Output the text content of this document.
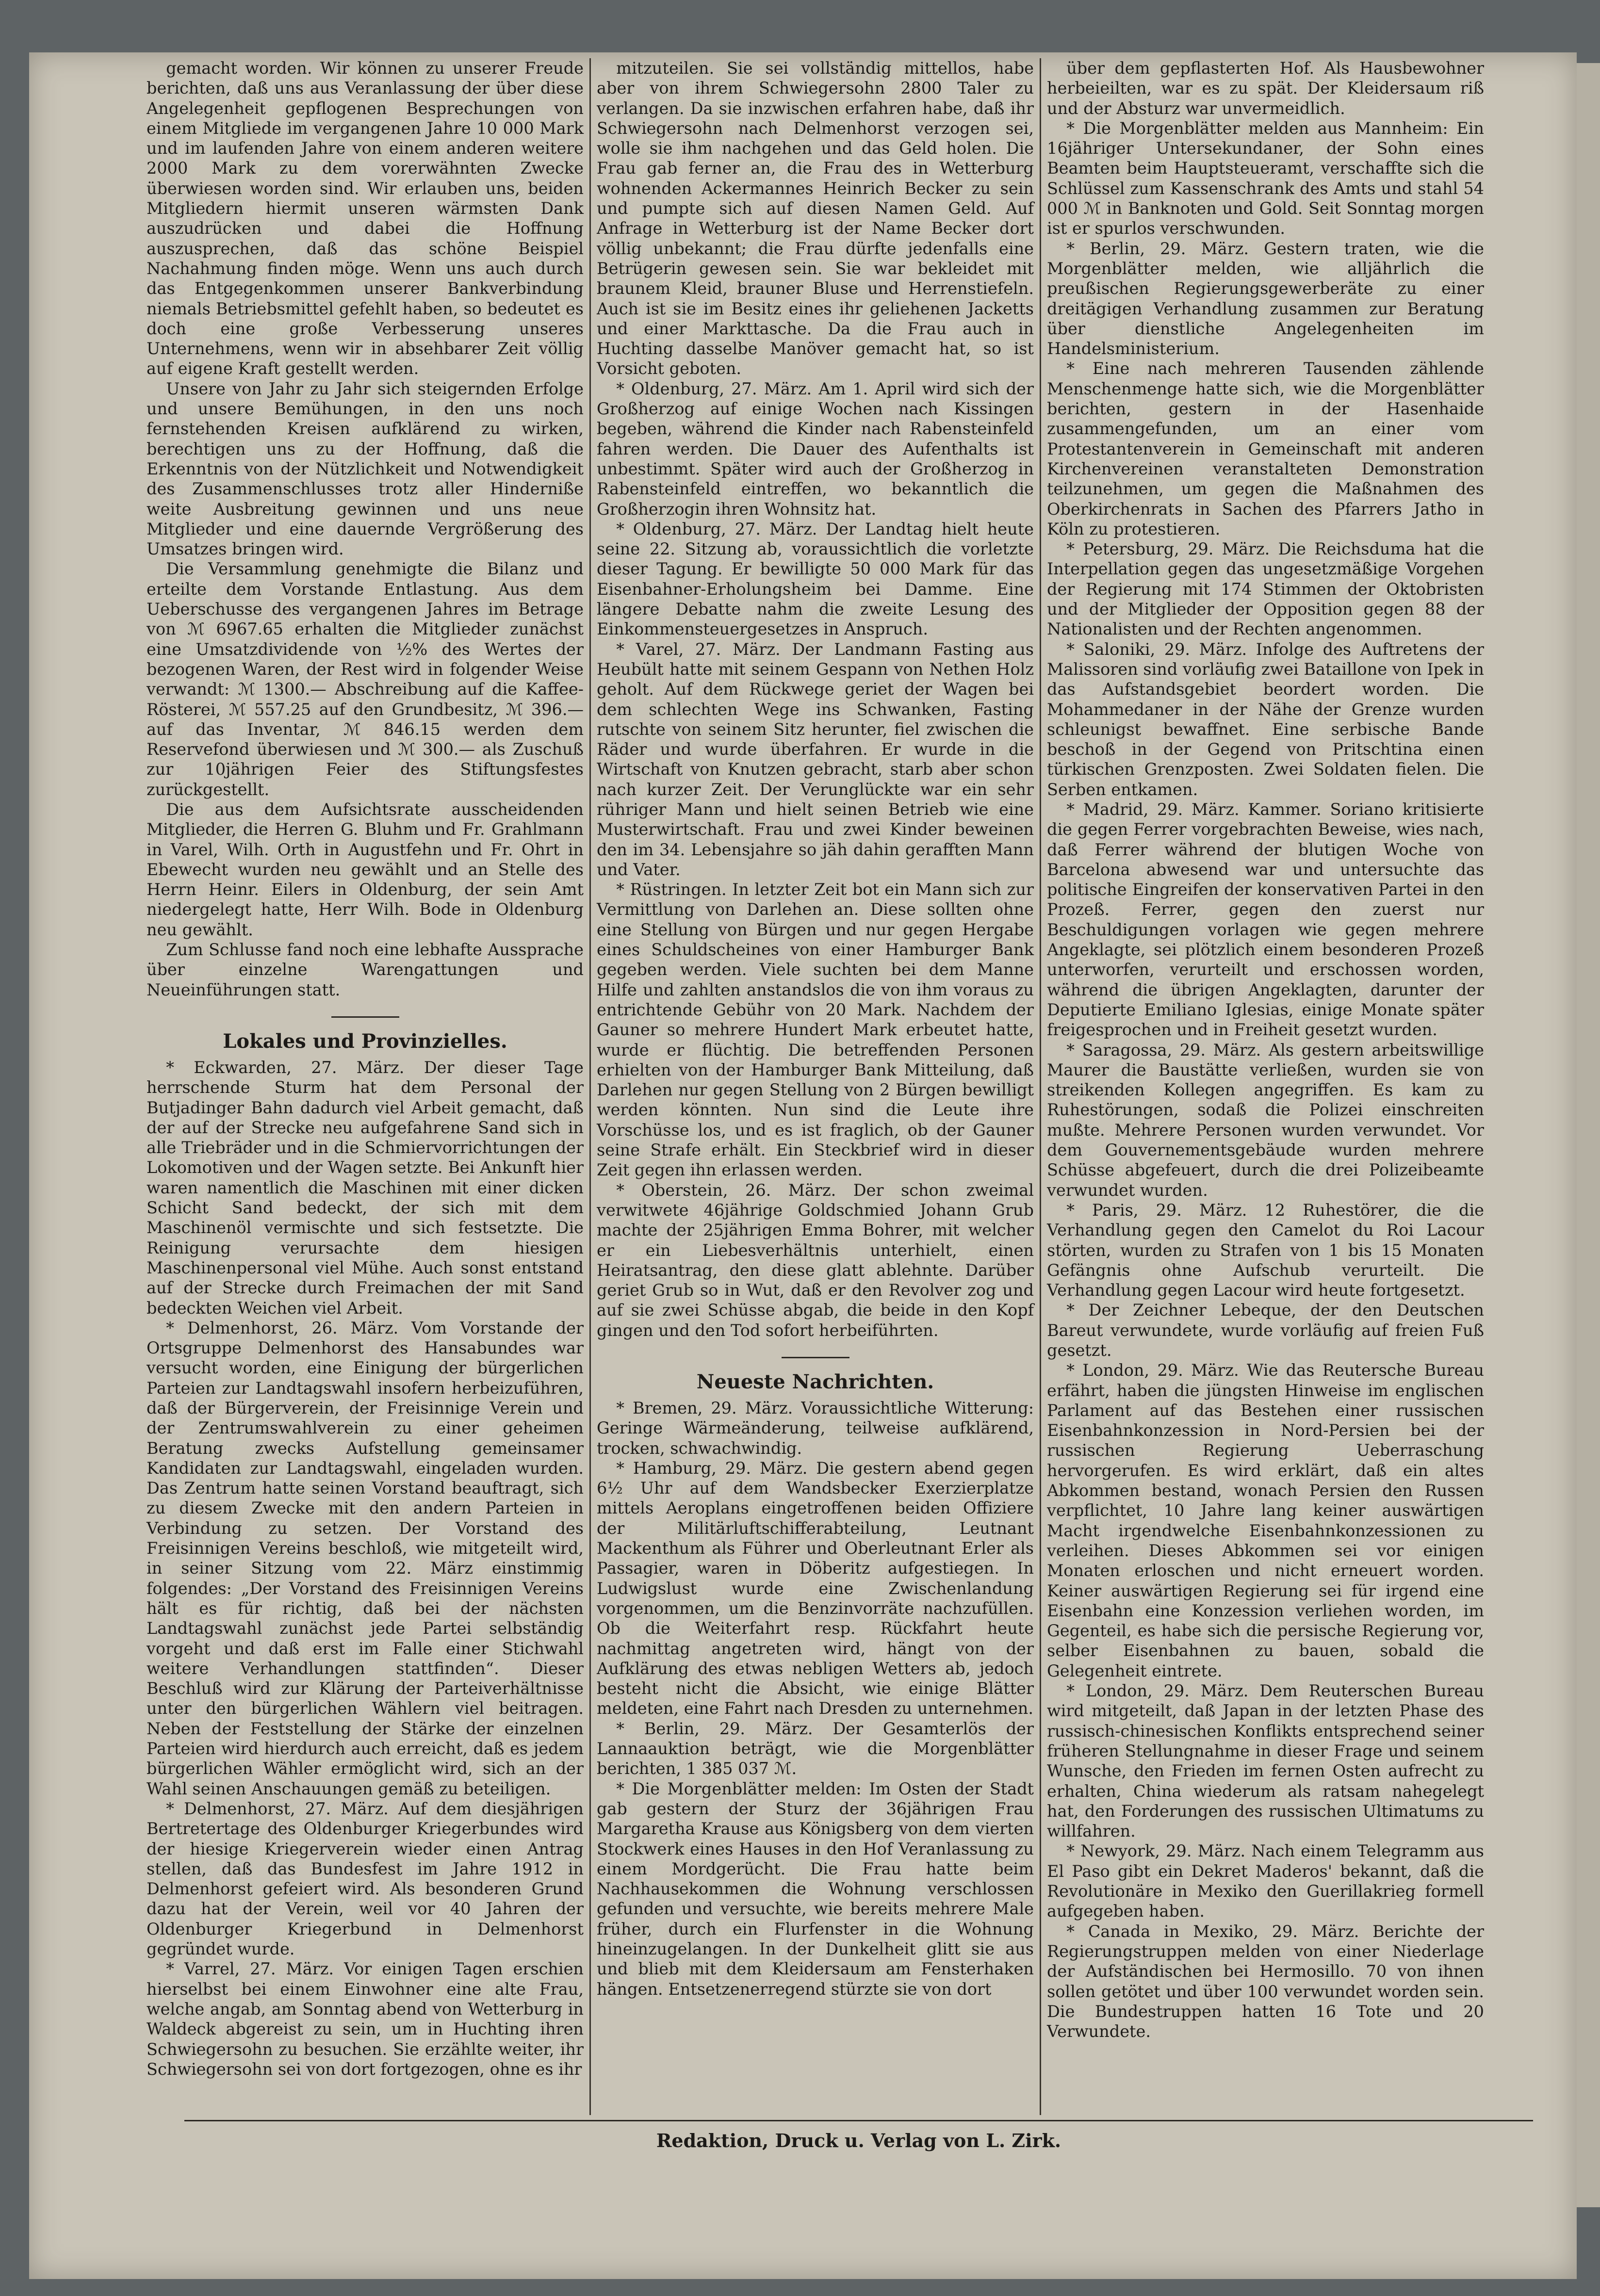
gemacht worden. Wir können zu unserer Freude berichten, daß uns aus Veranlassung der über diese Angelegenheit gepflogenen Besprechungen von einem Mitgliede im vergangenen Jahre 10 000 Mark und im laufenden Jahre von einem anderen weitere 2000 Mark zu dem vorerwähnten Zwecke überwiesen worden sind. Wir erlauben uns, beiden Mitgliedern hiermit unseren wärmsten Dank auszudrücken und dabei die Hoffnung auszusprechen, daß das schöne Beispiel Nachahmung finden möge. Wenn uns auch durch das Entgegenkommen unserer Bankverbindung niemals Betriebsmittel gefehlt haben, so bedeutet es doch eine große Verbesserung unseres Unternehmens, wenn wir in absehbarer Zeit völlig auf eigene Kraft gestellt werden.

Unsere von Jahr zu Jahr sich steigernden Erfolge und unsere Bemühungen, in den uns noch fernstehenden Kreisen aufklärend zu wirken, berechtigen uns zu der Hoffnung, daß die Erkenntnis von der Nützlichkeit und Notwendigkeit des Zusammenschlusses trotz aller Hinderniße weite Ausbreitung gewinnen und uns neue Mitglieder und eine dauernde Vergrößerung des Umsatzes bringen wird.

Die Versammlung genehmigte die Bilanz und erteilte dem Vorstande Entlastung. Aus dem Ueberschusse des vergangenen Jahres im Betrage von ℳ 6967.65 erhalten die Mitglieder zunächst eine Umsatzdividende von ½% des Wertes der bezogenen Waren, der Rest wird in folgender Weise verwandt: ℳ 1300.— Abschreibung auf die Kaffee-Rösterei, ℳ 557.25 auf den Grundbesitz, ℳ 396.— auf das Inventar, ℳ 846.15 werden dem Reservefond überwiesen und ℳ 300.— als Zuschuß zur 10jährigen Feier des Stiftungsfestes zurückgestellt.

Die aus dem Aufsichtsrate ausscheidenden Mitglieder, die Herren G. Bluhm und Fr. Grahlmann in Varel, Wilh. Orth in Augustfehn und Fr. Ohrt in Ebewecht wurden neu gewählt und an Stelle des Herrn Heinr. Eilers in Oldenburg, der sein Amt niedergelegt hatte, Herr Wilh. Bode in Oldenburg neu gewählt.

Zum Schlusse fand noch eine lebhafte Aussprache über einzelne Warengattungen und Neueinführungen statt.

Lokales und Provinzielles.

* Eckwarden, 27. März. Der dieser Tage herrschende Sturm hat dem Personal der Butjadinger Bahn dadurch viel Arbeit gemacht, daß der auf der Strecke neu aufgefahrene Sand sich in alle Triebräder und in die Schmiervorrichtungen der Lokomotiven und der Wagen setzte. Bei Ankunft hier waren namentlich die Maschinen mit einer dicken Schicht Sand bedeckt, der sich mit dem Maschinenöl vermischte und sich festsetzte. Die Reinigung verursachte dem hiesigen Maschinenpersonal viel Mühe. Auch sonst entstand auf der Strecke durch Freimachen der mit Sand bedeckten Weichen viel Arbeit.

* Delmenhorst, 26. März. Vom Vorstande der Ortsgruppe Delmenhorst des Hansabundes war versucht worden, eine Einigung der bürgerlichen Parteien zur Landtagswahl insofern herbeizuführen, daß der Bürgerverein, der Freisinnige Verein und der Zentrumswahlverein zu einer geheimen Beratung zwecks Aufstellung gemeinsamer Kandidaten zur Landtagswahl, eingeladen wurden. Das Zentrum hatte seinen Vorstand beauftragt, sich zu diesem Zwecke mit den andern Parteien in Verbindung zu setzen. Der Vorstand des Freisinnigen Vereins beschloß, wie mitgeteilt wird, in seiner Sitzung vom 22. März einstimmig folgendes: „Der Vorstand des Freisinnigen Vereins hält es für richtig, daß bei der nächsten Landtagswahl zunächst jede Partei selbständig vorgeht und daß erst im Falle einer Stichwahl weitere Verhandlungen stattfinden“. Dieser Beschluß wird zur Klärung der Parteiverhältnisse unter den bürgerlichen Wählern viel beitragen. Neben der Feststellung der Stärke der einzelnen Parteien wird hierdurch auch erreicht, daß es jedem bürgerlichen Wähler ermöglicht wird, sich an der Wahl seinen Anschauungen gemäß zu beteiligen.

* Delmenhorst, 27. März. Auf dem diesjährigen Bertretertage des Oldenburger Kriegerbundes wird der hiesige Kriegerverein wieder einen Antrag stellen, daß das Bundesfest im Jahre 1912 in Delmenhorst gefeiert wird. Als besonderen Grund dazu hat der Verein, weil vor 40 Jahren der Oldenburger Kriegerbund in Delmenhorst gegründet wurde.

* Varrel, 27. März. Vor einigen Tagen erschien hierselbst bei einem Einwohner eine alte Frau, welche angab, am Sonntag abend von Wetterburg in Waldeck abgereist zu sein, um in Huchting ihren Schwiegersohn zu besuchen. Sie erzählte weiter, ihr Schwiegersohn sei von dort fortgezogen, ohne es ihr

mitzuteilen. Sie sei vollständig mittellos, habe aber von ihrem Schwiegersohn 2800 Taler zu verlangen. Da sie inzwischen erfahren habe, daß ihr Schwiegersohn nach Delmenhorst verzogen sei, wolle sie ihm nachgehen und das Geld holen. Die Frau gab ferner an, die Frau des in Wetterburg wohnenden Ackermannes Heinrich Becker zu sein und pumpte sich auf diesen Namen Geld. Auf Anfrage in Wetterburg ist der Name Becker dort völlig unbekannt; die Frau dürfte jedenfalls eine Betrügerin gewesen sein. Sie war bekleidet mit braunem Kleid, brauner Bluse und Herrenstiefeln. Auch ist sie im Besitz eines ihr geliehenen Jacketts und einer Markttasche. Da die Frau auch in Huchting dasselbe Manöver gemacht hat, so ist Vorsicht geboten.

* Oldenburg, 27. März. Am 1. April wird sich der Großherzog auf einige Wochen nach Kissingen begeben, während die Kinder nach Rabensteinfeld fahren werden. Die Dauer des Aufenthalts ist unbestimmt. Später wird auch der Großherzog in Rabensteinfeld eintreffen, wo bekanntlich die Großherzogin ihren Wohnsitz hat.

* Oldenburg, 27. März. Der Landtag hielt heute seine 22. Sitzung ab, voraussichtlich die vorletzte dieser Tagung. Er bewilligte 50 000 Mark für das Eisenbahner-Erholungsheim bei Damme. Eine längere Debatte nahm die zweite Lesung des Einkommensteuergesetzes in Anspruch.

* Varel, 27. März. Der Landmann Fasting aus Heubült hatte mit seinem Gespann von Nethen Holz geholt. Auf dem Rückwege geriet der Wagen bei dem schlechten Wege ins Schwanken, Fasting rutschte von seinem Sitz herunter, fiel zwischen die Räder und wurde überfahren. Er wurde in die Wirtschaft von Knutzen gebracht, starb aber schon nach kurzer Zeit. Der Verunglückte war ein sehr rühriger Mann und hielt seinen Betrieb wie eine Musterwirtschaft. Frau und zwei Kinder beweinen den im 34. Lebensjahre so jäh dahin gerafften Mann und Vater.

* Rüstringen. In letzter Zeit bot ein Mann sich zur Vermittlung von Darlehen an. Diese sollten ohne eine Stellung von Bürgen und nur gegen Hergabe eines Schuldscheines von einer Hamburger Bank gegeben werden. Viele suchten bei dem Manne Hilfe und zahlten anstandslos die von ihm voraus zu entrichtende Gebühr von 20 Mark. Nachdem der Gauner so mehrere Hundert Mark erbeutet hatte, wurde er flüchtig. Die betreffenden Personen erhielten von der Hamburger Bank Mitteilung, daß Darlehen nur gegen Stellung von 2 Bürgen bewilligt werden könnten. Nun sind die Leute ihre Vorschüsse los, und es ist fraglich, ob der Gauner seine Strafe erhält. Ein Steckbrief wird in dieser Zeit gegen ihn erlassen werden.

* Oberstein, 26. März. Der schon zweimal verwitwete 46jährige Goldschmied Johann Grub machte der 25jährigen Emma Bohrer, mit welcher er ein Liebesverhältnis unterhielt, einen Heiratsantrag, den diese glatt ablehnte. Darüber geriet Grub so in Wut, daß er den Revolver zog und auf sie zwei Schüsse abgab, die beide in den Kopf gingen und den Tod sofort herbeiführten.

Neueste Nachrichten.

* Bremen, 29. März. Voraussichtliche Witterung: Geringe Wärmeänderung, teilweise aufklärend, trocken, schwachwindig.

* Hamburg, 29. März. Die gestern abend gegen 6½ Uhr auf dem Wandsbecker Exerzierplatze mittels Aeroplans eingetroffenen beiden Offiziere der Militärluftschifferabteilung, Leutnant Mackenthum als Führer und Oberleutnant Erler als Passagier, waren in Döberitz aufgestiegen. In Ludwigslust wurde eine Zwischenlandung vorgenommen, um die Benzinvorräte nachzufüllen. Ob die Weiterfahrt resp. Rückfahrt heute nachmittag angetreten wird, hängt von der Aufklärung des etwas nebligen Wetters ab, jedoch besteht nicht die Absicht, wie einige Blätter meldeten, eine Fahrt nach Dresden zu unternehmen.

* Berlin, 29. März. Der Gesamterlös der Lannaauktion beträgt, wie die Morgenblätter berichten, 1 385 037 ℳ.

* Die Morgenblätter melden: Im Osten der Stadt gab gestern der Sturz der 36jährigen Frau Margaretha Krause aus Königsberg von dem vierten Stockwerk eines Hauses in den Hof Veranlassung zu einem Mordgerücht. Die Frau hatte beim Nachhausekommen die Wohnung verschlossen gefunden und versuchte, wie bereits mehrere Male früher, durch ein Flurfenster in die Wohnung hineinzugelangen. In der Dunkelheit glitt sie aus und blieb mit dem Kleidersaum am Fensterhaken hängen. Entsetzenerregend stürzte sie von dort

über dem gepflasterten Hof. Als Hausbewohner herbeieilten, war es zu spät. Der Kleidersaum riß und der Absturz war unvermeidlich.

* Die Morgenblätter melden aus Mannheim: Ein 16jähriger Untersekundaner, der Sohn eines Beamten beim Hauptsteueramt, verschaffte sich die Schlüssel zum Kassenschrank des Amts und stahl 54 000 ℳ in Banknoten und Gold. Seit Sonntag morgen ist er spurlos verschwunden.

* Berlin, 29. März. Gestern traten, wie die Morgenblätter melden, wie alljährlich die preußischen Regierungsgewerberäte zu einer dreitägigen Verhandlung zusammen zur Beratung über dienstliche Angelegenheiten im Handelsministerium.

* Eine nach mehreren Tausenden zählende Menschenmenge hatte sich, wie die Morgenblätter berichten, gestern in der Hasenhaide zusammengefunden, um an einer vom Protestantenverein in Gemeinschaft mit anderen Kirchenvereinen veranstalteten Demonstration teilzunehmen, um gegen die Maßnahmen des Oberkirchenrats in Sachen des Pfarrers Jatho in Köln zu protestieren.

* Petersburg, 29. März. Die Reichsduma hat die Interpellation gegen das ungesetzmäßige Vorgehen der Regierung mit 174 Stimmen der Oktobristen und der Mitglieder der Opposition gegen 88 der Nationalisten und der Rechten angenommen.

* Saloniki, 29. März. Infolge des Auftretens der Malissoren sind vorläufig zwei Bataillone von Ipek in das Aufstandsgebiet beordert worden. Die Mohammedaner in der Nähe der Grenze wurden schleunigst bewaffnet. Eine serbische Bande beschoß in der Gegend von Pritschtina einen türkischen Grenzposten. Zwei Soldaten fielen. Die Serben entkamen.

* Madrid, 29. März. Kammer. Soriano kritisierte die gegen Ferrer vorgebrachten Beweise, wies nach, daß Ferrer während der blutigen Woche von Barcelona abwesend war und untersuchte das politische Eingreifen der konservativen Partei in den Prozeß. Ferrer, gegen den zuerst nur Beschuldigungen vorlagen wie gegen mehrere Angeklagte, sei plötzlich einem besonderen Prozeß unterworfen, verurteilt und erschossen worden, während die übrigen Angeklagten, darunter der Deputierte Emiliano Iglesias, einige Monate später freigesprochen und in Freiheit gesetzt wurden.

* Saragossa, 29. März. Als gestern arbeitswillige Maurer die Baustätte verließen, wurden sie von streikenden Kollegen angegriffen. Es kam zu Ruhestörungen, sodaß die Polizei einschreiten mußte. Mehrere Personen wurden verwundet. Vor dem Gouvernementsgebäude wurden mehrere Schüsse abgefeuert, durch die drei Polizeibeamte verwundet wurden.

* Paris, 29. März. 12 Ruhestörer, die die Verhandlung gegen den Camelot du Roi Lacour störten, wurden zu Strafen von 1 bis 15 Monaten Gefängnis ohne Aufschub verurteilt. Die Verhandlung gegen Lacour wird heute fortgesetzt.

* Der Zeichner Lebeque, der den Deutschen Bareut verwundete, wurde vorläufig auf freien Fuß gesetzt.

* London, 29. März. Wie das Reutersche Bureau erfährt, haben die jüngsten Hinweise im englischen Parlament auf das Bestehen einer russischen Eisenbahnkonzession in Nord-Persien bei der russischen Regierung Ueberraschung hervorgerufen. Es wird erklärt, daß ein altes Abkommen bestand, wonach Persien den Russen verpflichtet, 10 Jahre lang keiner auswärtigen Macht irgendwelche Eisenbahnkonzessionen zu verleihen. Dieses Abkommen sei vor einigen Monaten erloschen und nicht erneuert worden. Keiner auswärtigen Regierung sei für irgend eine Eisenbahn eine Konzession verliehen worden, im Gegenteil, es habe sich die persische Regierung vor, selber Eisenbahnen zu bauen, sobald die Gelegenheit eintrete.

* London, 29. März. Dem Reuterschen Bureau wird mitgeteilt, daß Japan in der letzten Phase des russisch-chinesischen Konflikts entsprechend seiner früheren Stellungnahme in dieser Frage und seinem Wunsche, den Frieden im fernen Osten aufrecht zu erhalten, China wiederum als ratsam nahegelegt hat, den Forderungen des russischen Ultimatums zu willfahren.

* Newyork, 29. März. Nach einem Telegramm aus El Paso gibt ein Dekret Maderos' bekannt, daß die Revolutionäre in Mexiko den Guerillakrieg formell aufgegeben haben.

* Canada in Mexiko, 29. März. Berichte der Regierungstruppen melden von einer Niederlage der Aufständischen bei Hermosillo. 70 von ihnen sollen getötet und über 100 verwundet worden sein. Die Bundestruppen hatten 16 Tote und 20 Verwundete.

Redaktion, Druck u. Verlag von L. Zirk.
